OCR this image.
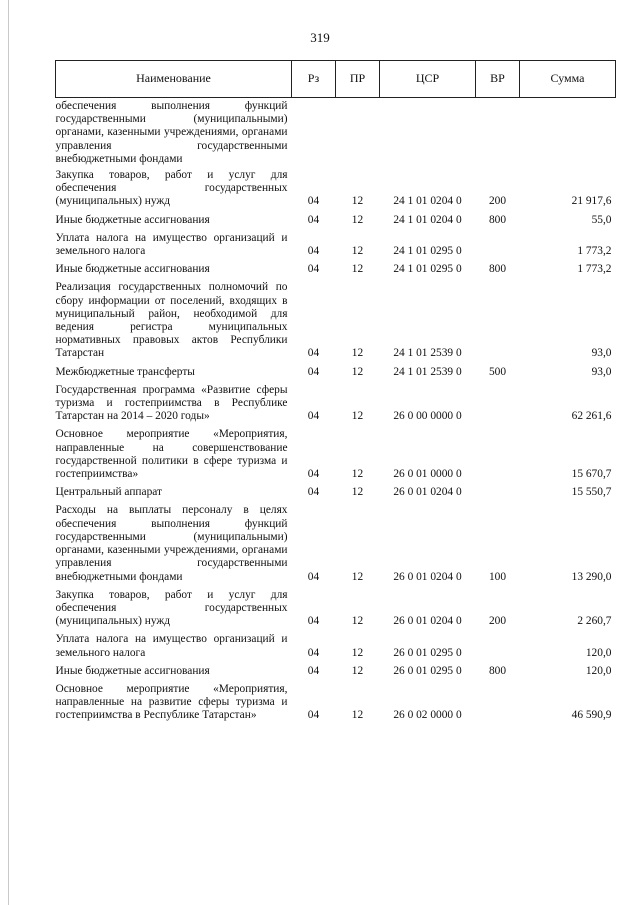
319
Наименование	Рз	ПР	ЦСР	ВР	Сумма
обеспечения выполнения функций государственными (муниципальными) органами, казенными учреждениями, органами управления государственными внебюджетными фондами					
Закупка товаров, работ и услуг для обеспечения государственных (муниципальных) нужд	04	12	24 1 01 0204 0	200	21 917,6
Иные бюджетные ассигнования	04	12	24 1 01 0204 0	800	55,0
Уплата налога на имущество организаций и земельного налога	04	12	24 1 01 0295 0		1 773,2
Иные бюджетные ассигнования	04	12	24 1 01 0295 0	800	1 773,2
Реализация государственных полномочий по сбору информации от поселений, входящих в муниципальный район, необходимой для ведения регистра муниципальных нормативных правовых актов Республики Татарстан	04	12	24 1 01 2539 0		93,0
Межбюджетные трансферты	04	12	24 1 01 2539 0	500	93,0
Государственная программа «Развитие сферы туризма и гостеприимства в Республике Татарстан на 2014 – 2020 годы»	04	12	26 0 00 0000 0		62 261,6
Основное мероприятие «Мероприятия, направленные на совершенствование государственной политики в сфере туризма и гостеприимства»	04	12	26 0 01 0000 0		15 670,7
Центральный аппарат	04	12	26 0 01 0204 0		15 550,7
Расходы на выплаты персоналу в целях обеспечения выполнения функций государственными (муниципальными) органами, казенными учреждениями, органами управления государственными внебюджетными фондами	04	12	26 0 01 0204 0	100	13 290,0
Закупка товаров, работ и услуг для обеспечения государственных (муниципальных) нужд	04	12	26 0 01 0204 0	200	2 260,7
Уплата налога на имущество организаций и земельного налога	04	12	26 0 01 0295 0		120,0
Иные бюджетные ассигнования	04	12	26 0 01 0295 0	800	120,0
Основное мероприятие «Мероприятия, направленные на развитие сферы туризма и гостеприимства в Республике Татарстан»	04	12	26 0 02 0000 0		46 590,9
